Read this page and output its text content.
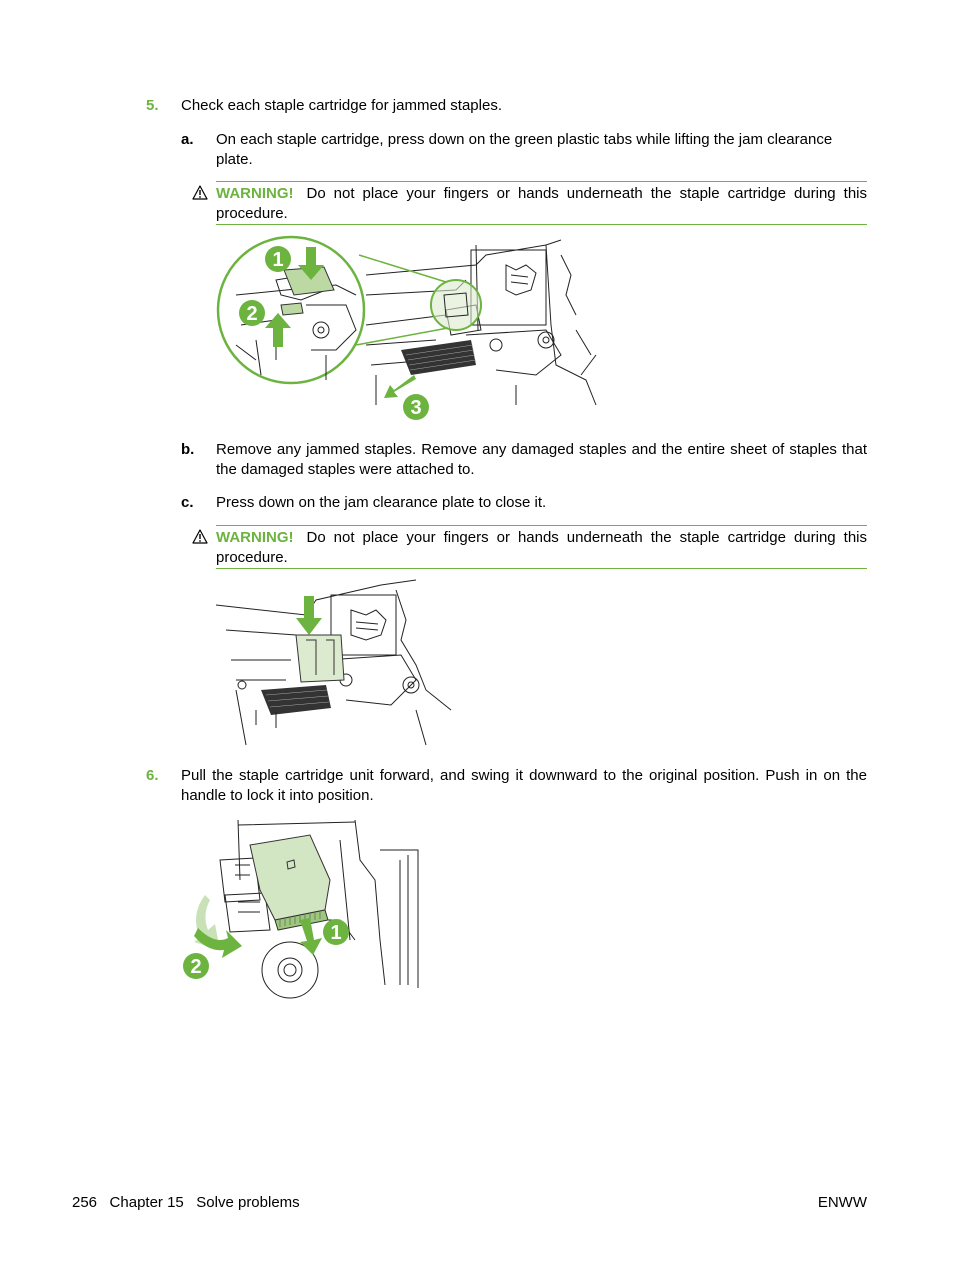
5. Check each staple cartridge for jammed staples.
a. On each staple cartridge, press down on the green plastic tabs while lifting the jam clearance plate.
WARNING! Do not place your fingers or hands underneath the staple cartridge during this procedure.
1
2
3
b. Remove any jammed staples. Remove any damaged staples and the entire sheet of staples that the damaged staples were attached to.
c. Press down on the jam clearance plate to close it.
WARNING! Do not place your fingers or hands underneath the staple cartridge during this procedure.
6. Pull the staple cartridge unit forward, and swing it downward to the original position. Push in on the handle to lock it into position.
1
2
256 Chapter 15 Solve problems	ENWW
